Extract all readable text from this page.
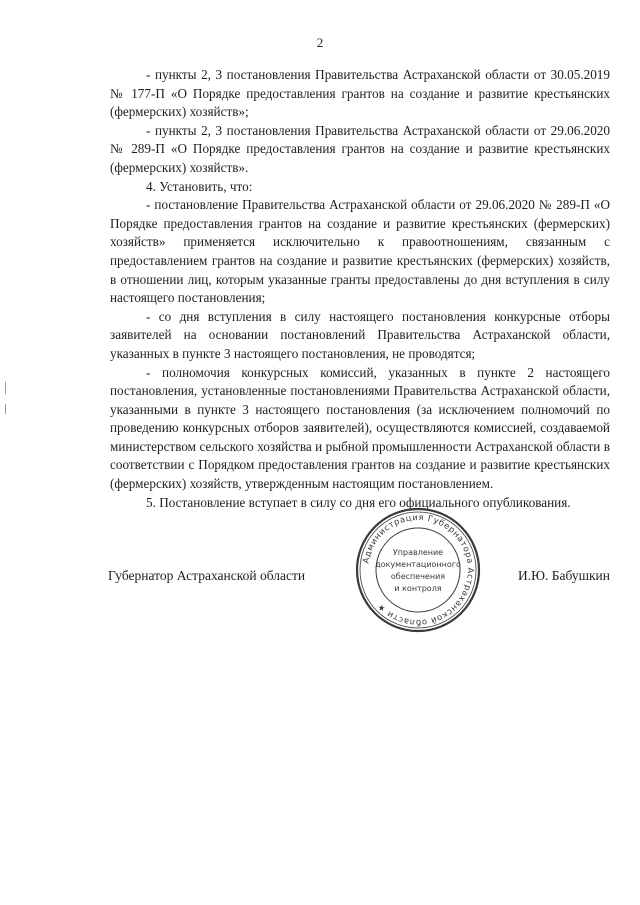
2

- пункты 2, 3 постановления Правительства Астраханской области от 30.05.2019 № 177-П «О Порядке предоставления грантов на создание и развитие крестьянских (фермерских) хозяйств»;

- пункты 2, 3 постановления Правительства Астраханской области от 29.06.2020 № 289-П «О Порядке предоставления грантов на создание и развитие крестьянских (фермерских) хозяйств».

4. Установить, что:

- постановление Правительства Астраханской области от 29.06.2020 № 289-П «О Порядке предоставления грантов на создание и развитие крестьянских (фермерских) хозяйств» применяется исключительно к правоотношениям, связанным с предоставлением грантов на создание и развитие крестьянских (фермерских) хозяйств, в отношении лиц, которым указанные гранты предоставлены до дня вступления в силу настоящего постановления;

- со дня вступления в силу настоящего постановления конкурсные отборы заявителей на основании постановлений Правительства Астраханской области, указанных в пункте 3 настоящего постановления, не проводятся;

- полномочия конкурсных комиссий, указанных в пункте 2 настоящего постановления, установленные постановлениями Правительства Астраханской области, указанными в пункте 3 настоящего постановления (за исключением полномочий по проведению конкурсных отборов заявителей), осуществляются комиссией, создаваемой министерством сельского хозяйства и рыбной промышленности Астраханской области в соответствии с Порядком предоставления грантов на создание и развитие крестьянских (фермерских) хозяйств, утвержденным настоящим постановлением.

5. Постановление вступает в силу со дня его официального опубликования.

Губернатор Астраханской области
Администрация Губернатора Астраханской области ★
Управление
документационного
обеспечения
и контроля
И.Ю. Бабушкин
